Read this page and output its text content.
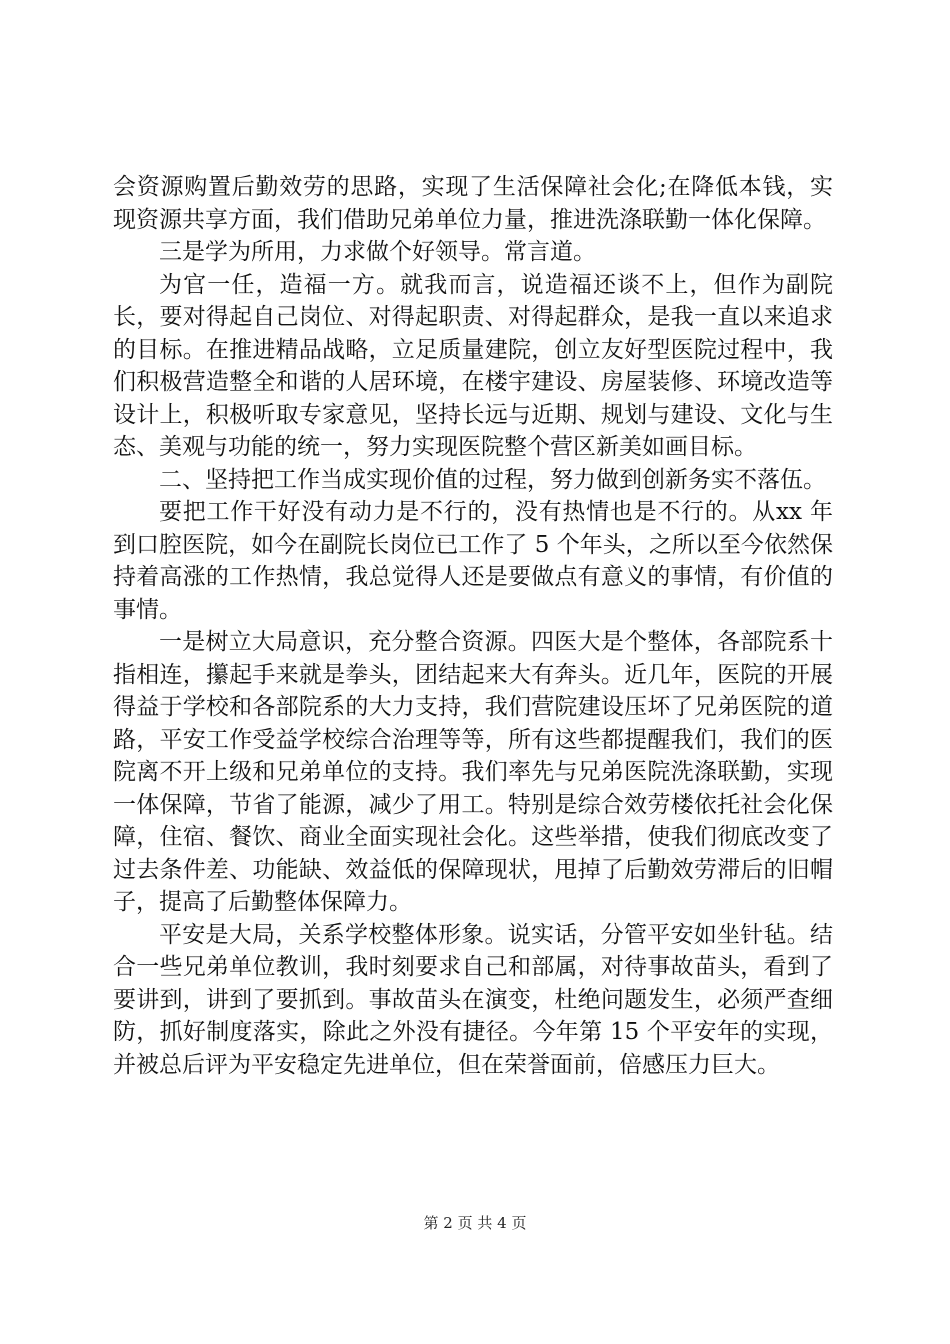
会资源购置后勤效劳的思路，实现了生活保障社会化;在降低本钱，实现资源共享方面，我们借助兄弟单位力量，推进洗涤联勤一体化保障。

三是学为所用，力求做个好领导。常言道。

为官一任，造福一方。就我而言，说造福还谈不上，但作为副院长，要对得起自己岗位、对得起职责、对得起群众，是我一直以来追求的目标。在推进精品战略，立足质量建院，创立友好型医院过程中，我们积极营造整全和谐的人居环境，在楼宇建设、房屋装修、环境改造等设计上，积极听取专家意见，坚持长远与近期、规划与建设、文化与生态、美观与功能的统一，努力实现医院整个营区新美如画目标。

二、坚持把工作当成实现价值的过程，努力做到创新务实不落伍。

要把工作干好没有动力是不行的，没有热情也是不行的。从xx 年到口腔医院，如今在副院长岗位已工作了 5 个年头，之所以至今依然保持着高涨的工作热情，我总觉得人还是要做点有意义的事情，有价值的事情。

一是树立大局意识，充分整合资源。四医大是个整体，各部院系十指相连，攥起手来就是拳头，团结起来大有奔头。近几年，医院的开展得益于学校和各部院系的大力支持，我们营院建设压坏了兄弟医院的道路，平安工作受益学校综合治理等等，所有这些都提醒我们，我们的医院离不开上级和兄弟单位的支持。我们率先与兄弟医院洗涤联勤，实现一体保障，节省了能源，减少了用工。特别是综合效劳楼依托社会化保障，住宿、餐饮、商业全面实现社会化。这些举措，使我们彻底改变了过去条件差、功能缺、效益低的保障现状，甩掉了后勤效劳滞后的旧帽子，提高了后勤整体保障力。

平安是大局，关系学校整体形象。说实话，分管平安如坐针毡。结合一些兄弟单位教训，我时刻要求自己和部属，对待事故苗头，看到了要讲到，讲到了要抓到。事故苗头在演变，杜绝问题发生，必须严查细防，抓好制度落实，除此之外没有捷径。今年第 15 个平安年的实现，并被总后评为平安稳定先进单位，但在荣誉面前，倍感压力巨大。

第 2 页 共 4 页
